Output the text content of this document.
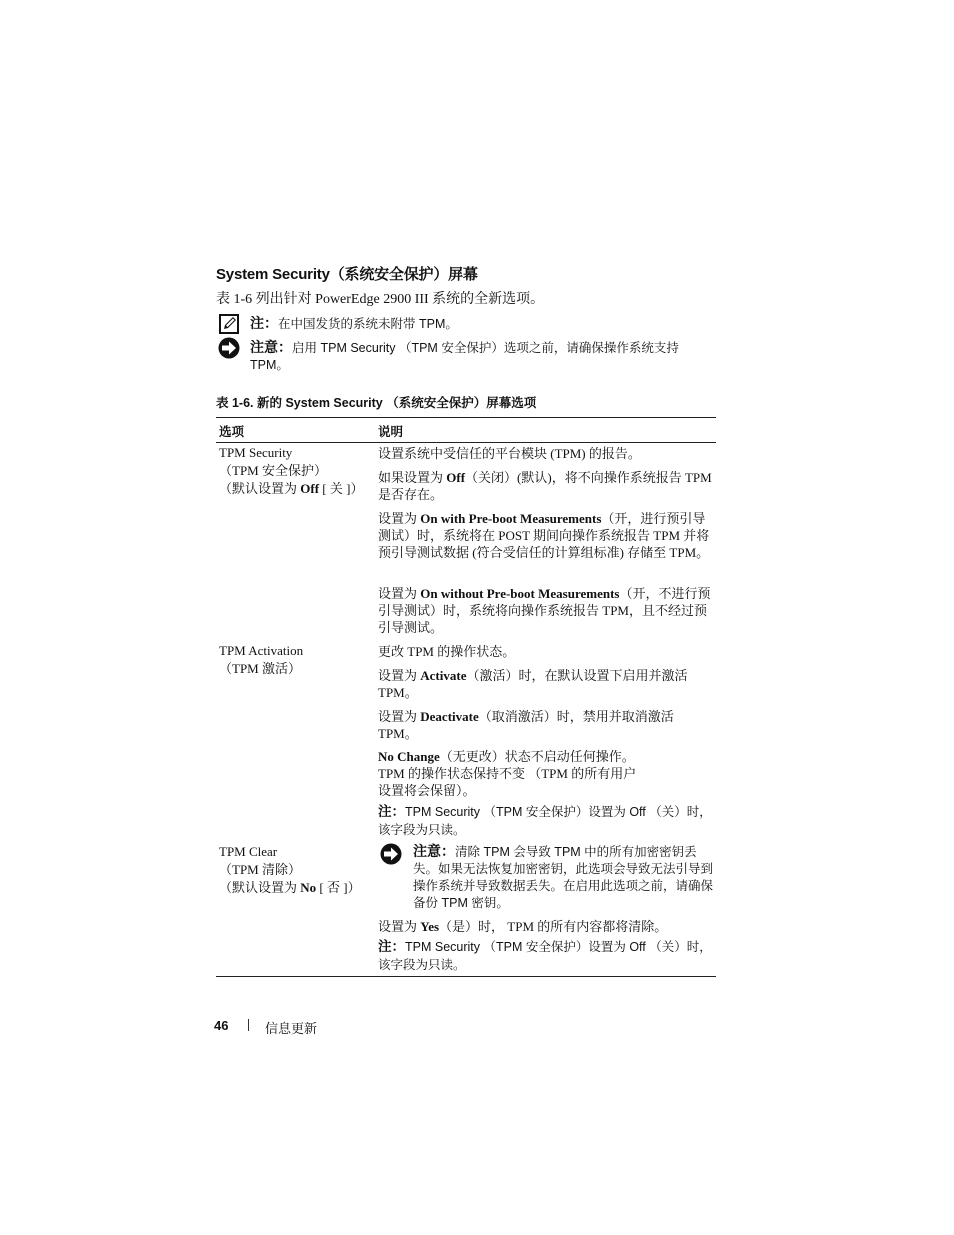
System Security（系统安全保护）屏幕
表 1-6 列出针对 PowerEdge 2900 III 系统的全新选项。
注：在中国发货的系统未附带 TPM。
注意：启用 TPM Security （TPM 安全保护）选项之前，请确保操作系统支持 TPM。
表 1-6. 新的 System Security （系统安全保护）屏幕选项
选项	说明
TPM Security
（TPM 安全保护）
（默认设置为 Off [ 关 ]）
设置系统中受信任的平台模块 (TPM) 的报告。
如果设置为 Off（关闭）(默认)，将不向操作系统报告 TPM 是否存在。
设置为 On with Pre-boot Measurements（开，进行预引导测试）时，系统将在 POST 期间向操作系统报告 TPM 并将预引导测试数据 (符合受信任的计算组标准) 存储至 TPM。
设置为 On without Pre-boot Measurements（开，不进行预引导测试）时，系统将向操作系统报告 TPM，且不经过预引导测试。
TPM Activation
（TPM 激活）
更改 TPM 的操作状态。
设置为 Activate（激活）时，在默认设置下启用并激活 TPM。
设置为 Deactivate（取消激活）时，禁用并取消激活 TPM。
No Change（无更改）状态不启动任何操作。
TPM 的操作状态保持不变 （TPM 的所有用户
设置将会保留）。
注：TPM Security （TPM 安全保护）设置为 Off （关）时，该字段为只读。
TPM Clear
（TPM 清除）
（默认设置为 No [ 否 ]）
注意：清除 TPM 会导致 TPM 中的所有加密密钥丢失。如果无法恢复加密密钥，此选项会导致无法引导到操作系统并导致数据丢失。在启用此选项之前，请确保备份 TPM 密钥。
设置为 Yes（是）时， TPM 的所有内容都将清除。
注：TPM Security （TPM 安全保护）设置为 Off （关）时，该字段为只读。
46	信息更新
